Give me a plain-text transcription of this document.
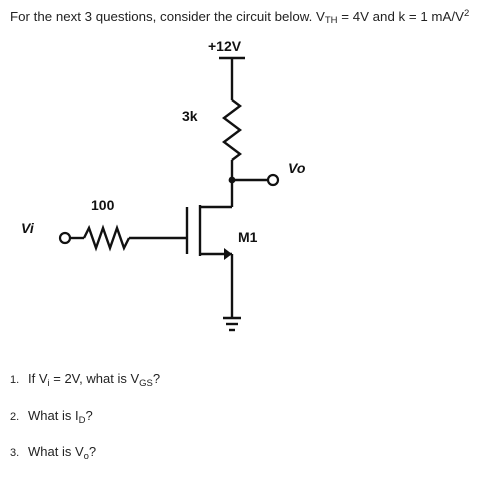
For the next 3 questions, consider the circuit below. $V_{TH} = 4V$ and k = 1 $mA/V^2$
+12V
3k
Vo
100
Vi
M1
1. If $V_i = 2V$, what is $V_{GS}$?
2. What is $I_D$?
3. What is $V_o$?
